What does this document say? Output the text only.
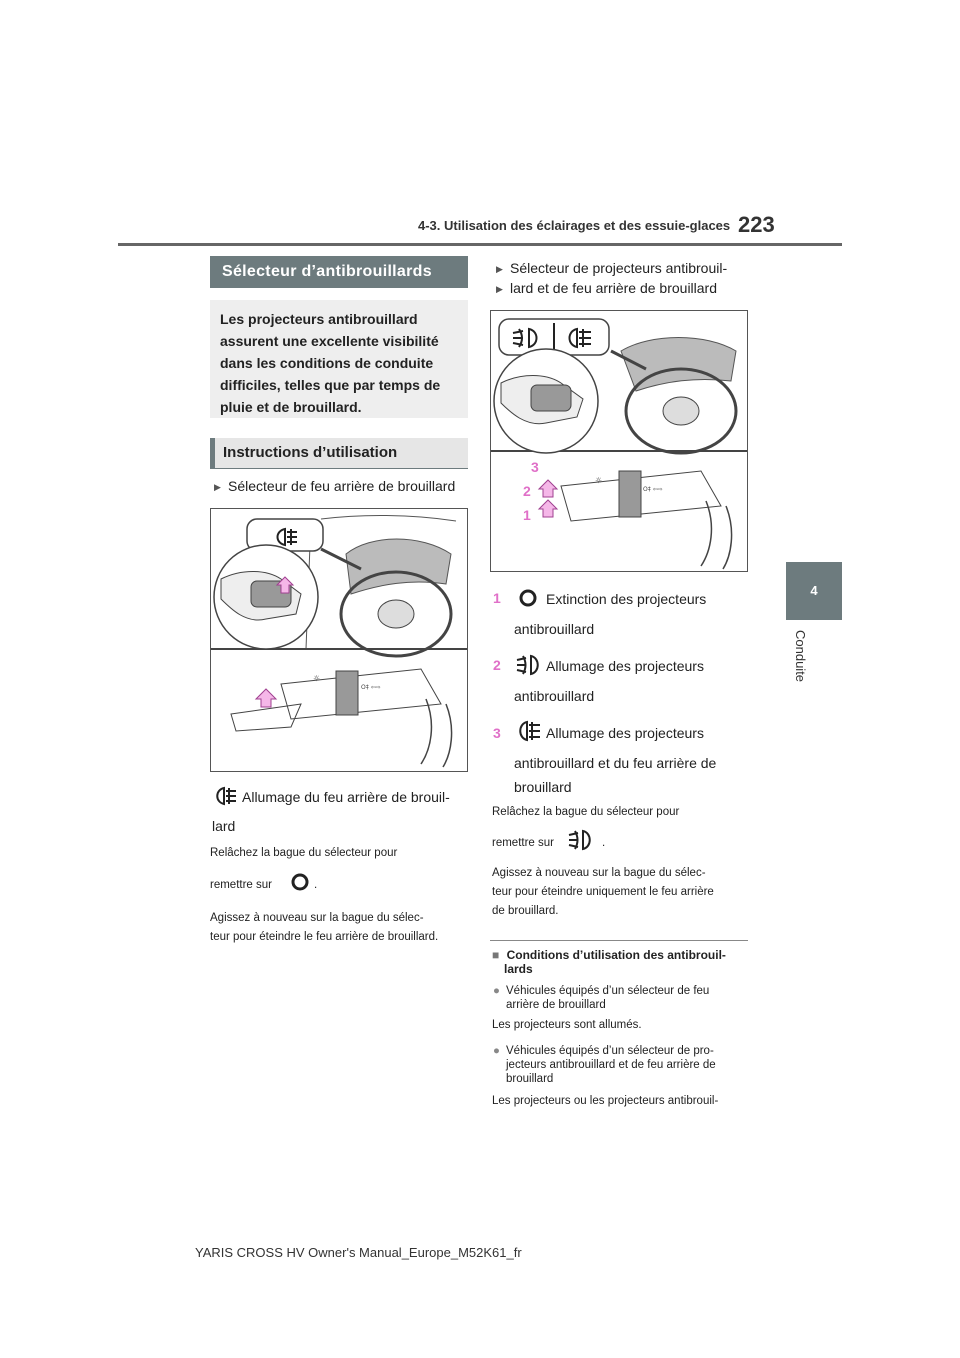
4-3. Utilisation des éclairages et des essuie-glaces 223
4
Conduite
Sélecteur d’antibrouillards
Les projecteurs antibrouillard
assurent une excellente visibilité
dans les conditions de conduite
difficiles, telles que par temps de
pluie et de brouillard.
Instructions d’utilisation
▶ Sélecteur de feu arrière de brouillard
☼
O‡ ⇦⇨
Allumage du feu arrière de brouil-
lard
Relâchez la bague du sélecteur pour
remettre sur	.
Agissez à nouveau sur la bague du sélec-
teur pour éteindre le feu arrière de brouillard.
▶ Sélecteur de projecteurs antibrouil-
▶ lard et de feu arrière de brouillard
☼
O‡ ⇦⇨
3
2
1
1	Extinction des projecteurs
antibrouillard
2	Allumage des projecteurs
antibrouillard
3	Allumage des projecteurs
antibrouillard et du feu arrière de
brouillard
Relâchez la bague du sélecteur pour
remettre sur	.
Agissez à nouveau sur la bague du sélec-
teur pour éteindre uniquement le feu arrière
de brouillard.
■ Conditions d’utilisation des antibrouil-
lards
● Véhicules équipés d’un sélecteur de feu
arrière de brouillard
Les projecteurs sont allumés.
● Véhicules équipés d’un sélecteur de pro-
jecteurs antibrouillard et de feu arrière de
brouillard
Les projecteurs ou les projecteurs antibrouil-
YARIS CROSS HV Owner's Manual_Europe_M52K61_fr
